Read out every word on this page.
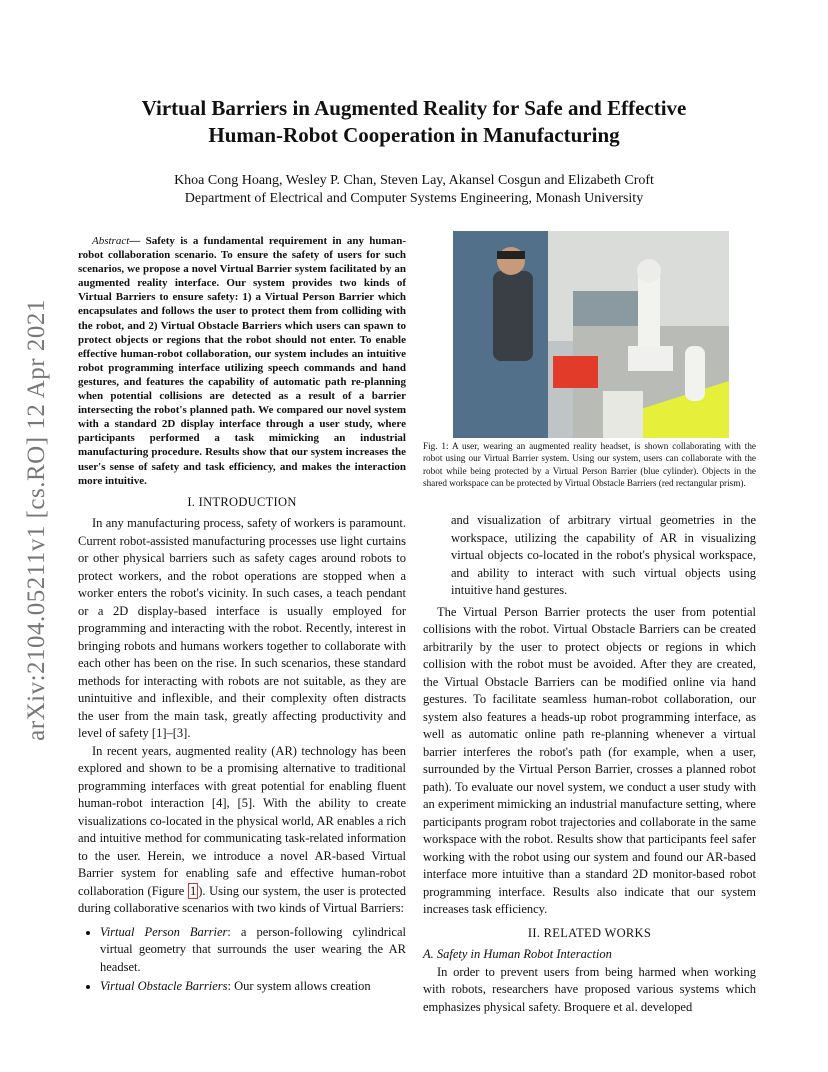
arXiv:2104.05211v1 [cs.RO] 12 Apr 2021
Virtual Barriers in Augmented Reality for Safe and Effective
Human-Robot Cooperation in Manufacturing
Khoa Cong Hoang, Wesley P. Chan, Steven Lay, Akansel Cosgun and Elizabeth Croft
Department of Electrical and Computer Systems Engineering, Monash University

Abstract— Safety is a fundamental requirement in any human-robot collaboration scenario. To ensure the safety of users for such scenarios, we propose a novel Virtual Barrier system facilitated by an augmented reality interface. Our system provides two kinds of Virtual Barriers to ensure safety: 1) a Virtual Person Barrier which encapsulates and follows the user to protect them from colliding with the robot, and 2) Virtual Obstacle Barriers which users can spawn to protect objects or regions that the robot should not enter. To enable effective human-robot collaboration, our system includes an intuitive robot programming interface utilizing speech commands and hand gestures, and features the capability of automatic path re-planning when potential collisions are detected as a result of a barrier intersecting the robot's planned path. We compared our novel system with a standard 2D display interface through a user study, where participants performed a task mimicking an industrial manufacturing procedure. Results show that our system increases the user's sense of safety and task efficiency, and makes the interaction more intuitive.

I. INTRODUCTION

In any manufacturing process, safety of workers is paramount. Current robot-assisted manufacturing processes use light curtains or other physical barriers such as safety cages around robots to protect workers, and the robot operations are stopped when a worker enters the robot's vicinity. In such cases, a teach pendant or a 2D display-based interface is usually employed for programming and interacting with the robot. Recently, interest in bringing robots and humans workers together to collaborate with each other has been on the rise. In such scenarios, these standard methods for interacting with robots are not suitable, as they are unintuitive and inflexible, and their complexity often distracts the user from the main task, greatly affecting productivity and level of safety [1]–[3].

In recent years, augmented reality (AR) technology has been explored and shown to be a promising alternative to traditional programming interfaces with great potential for enabling fluent human-robot interaction [4], [5]. With the ability to create visualizations co-located in the physical world, AR enables a rich and intuitive method for communicating task-related information to the user. Herein, we introduce a novel AR-based Virtual Barrier system for enabling safe and effective human-robot collaboration (Figure 1 ). Using our system, the user is protected during collaborative scenarios with two kinds of Virtual Barriers:

• Virtual Person Barrier: a person-following cylindrical virtual geometry that surrounds the user wearing the AR headset.
• Virtual Obstacle Barriers: Our system allows creation
Fig. 1: A user, wearing an augmented reality headset, is shown collaborating with the robot using our Virtual Barrier system. Using our system, users can collaborate with the robot while being protected by a Virtual Person Barrier (blue cylinder). Objects in the shared workspace can be protected by Virtual Obstacle Barriers (red rectangular prism).

and visualization of arbitrary virtual geometries in the workspace, utilizing the capability of AR in visualizing virtual objects co-located in the robot's physical workspace, and ability to interact with such virtual objects using intuitive hand gestures.

The Virtual Person Barrier protects the user from potential collisions with the robot. Virtual Obstacle Barriers can be created arbitrarily by the user to protect objects or regions in which collision with the robot must be avoided. After they are created, the Virtual Obstacle Barriers can be modified online via hand gestures. To facilitate seamless human-robot collaboration, our system also features a heads-up robot programming interface, as well as automatic online path re-planning whenever a virtual barrier interferes the robot's path (for example, when a user, surrounded by the Virtual Person Barrier, crosses a planned robot path). To evaluate our novel system, we conduct a user study with an experiment mimicking an industrial manufacture setting, where participants program robot trajectories and collaborate in the same workspace with the robot. Results show that participants feel safer working with the robot using our system and found our AR-based interface more intuitive than a standard 2D monitor-based robot programming interface. Results also indicate that our system increases task efficiency.

II. RELATED WORKS

A. Safety in Human Robot Interaction

In order to prevent users from being harmed when working with robots, researchers have proposed various systems which emphasizes physical safety. Broquere et al. developed
